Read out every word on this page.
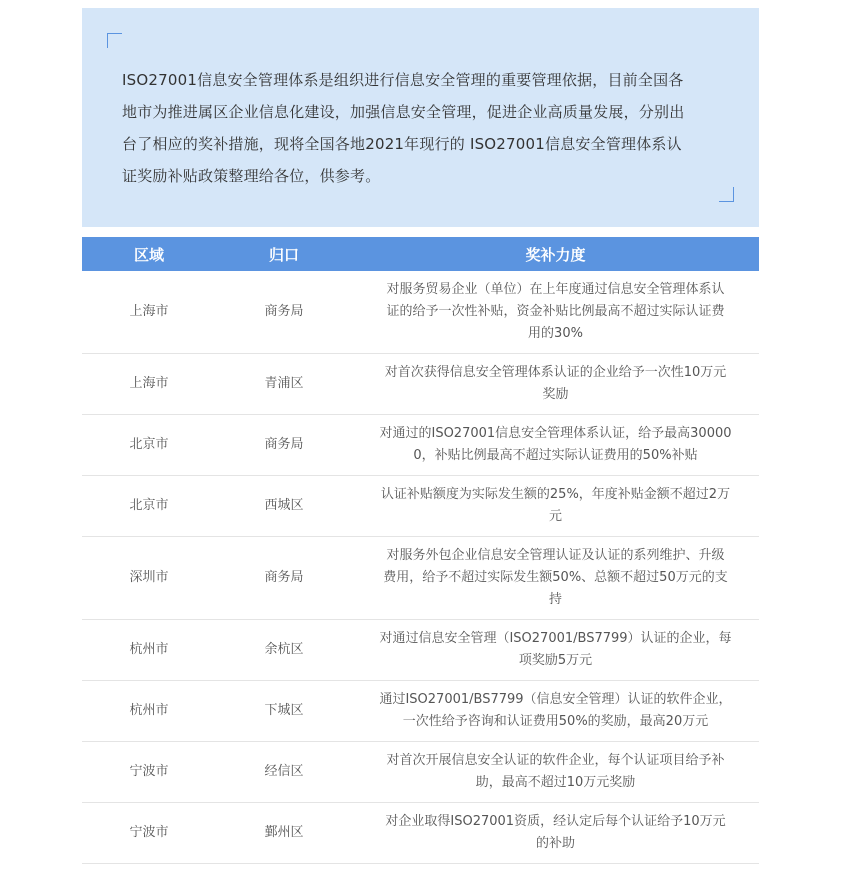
ISO27001信息安全管理体系是组织进行信息安全管理的重要管理依据，目前全国各
地市为推进属区企业信息化建设，加强信息安全管理，促进企业高质量发展，分别出
台了相应的奖补措施，现将全国各地2021年现行的 ISO27001信息安全管理体系认
证奖励补贴政策整理给各位，供参考。

区域	归口	奖补力度
上海市	商务局	对服务贸易企业（单位）在上年度通过信息安全管理体系认
证的给予一次性补贴，资金补贴比例最高不超过实际认证费
用的30%

上海市	青浦区	对首次获得信息安全管理体系认证的企业给予一次性10万元
奖励

北京市	商务局	对通过的ISO27001信息安全管理体系认证，给予最高30000
0，补贴比例最高不超过实际认证费用的50%补贴

北京市	西城区	认证补贴额度为实际发生额的25%，年度补贴金额不超过2万
元

深圳市	商务局	对服务外包企业信息安全管理认证及认证的系列维护、升级
费用，给予不超过实际发生额50%、总额不超过50万元的支
持

杭州市	余杭区	对通过信息安全管理（ISO27001/BS7799）认证的企业，每
项奖励5万元

杭州市	下城区	通过ISO27001/BS7799（信息安全管理）认证的软件企业，
一次性给予咨询和认证费用50%的奖励，最高20万元

宁波市	经信区	对首次开展信息安全认证的软件企业，每个认证项目给予补
助，最高不超过10万元奖励

宁波市	鄞州区	对企业取得ISO27001资质，经认定后每个认证给予10万元
的补助
